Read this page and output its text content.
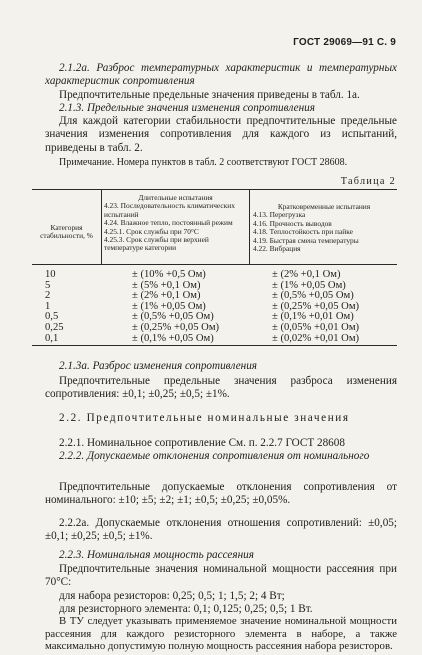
ГОСТ 29069—91 С. 9
2.1.2а. Разброс температурных характеристик и температурных характеристик сопротивления
Предпочтительные предельные значения приведены в табл. 1а.
2.1.3. Предельные значения изменения сопротивления
Для каждой категории стабильности предпочтительные предельные значения изменения сопротивления для каждого из испытаний, приведены в табл. 2.
Примечание. Номера пунктов в табл. 2 соответствуют ГОСТ 28608.
Таблица 2
Категория стабильности, %
Длительные испытания
4.23. Последовательность климатических испытаний
4.24. Влажное тепло, постоянный режим
4.25.1. Срок службы при 70°С
4.25.3. Срок службы при верхней температуре категории
Кратковременные испытания
4.13. Перегрузка
4.16. Прочность выводов
4.18. Теплостойкость при пайке
4.19. Быстрая смена температуры
4.22. Вибрация
10
5
2
1
0,5
0,25
0,1
± (10% +0,5 Ом)
± (5% +0,1 Ом)
± (2% +0,1 Ом)
± (1% +0,05 Ом)
± (0,5% +0,05 Ом)
± (0,25% +0,05 Ом)
± (0,1% +0,05 Ом)
± (2% +0,1 Ом)
± (1% +0,05 Ом)
± (0,5% +0,05 Ом)
± (0,25% +0,05 Ом)
± (0,1% +0,01 Ом)
± (0,05% +0,01 Ом)
± (0,02% +0,01 Ом)
2.1.3а. Разброс изменения сопротивления
Предпочтительные предельные значения разброса изменения сопротивления: ±0,1; ±0,25; ±0,5; ±1%.
2.2. Предпочтительные номинальные значения
2.2.1. Номинальное сопротивление См. п. 2.2.7 ГОСТ 28608
2.2.2. Допускаемые отклонения сопротивления от номинального
Предпочтительные допускаемые отклонения сопротивления от номинального: ±10; ±5; ±2; ±1; ±0,5; ±0,25; ±0,05%.
2.2.2а. Допускаемые отклонения отношения сопротивлений: ±0,05; ±0,1; ±0,25; ±0,5; ±1%.
2.2.3. Номинальная мощность рассеяния
Предпочтительные значения номинальной мощности рассеяния при 70°С:
для набора резисторов: 0,25; 0,5; 1; 1,5; 2; 4 Вт;
для резисторного элемента: 0,1; 0,125; 0,25; 0,5; 1 Вт.
В ТУ следует указывать применяемое значение номинальной мощности рассеяния для каждого резисторного элемента в наборе, а также максимально допустимую полную мощность рассеяния набора резисторов.
